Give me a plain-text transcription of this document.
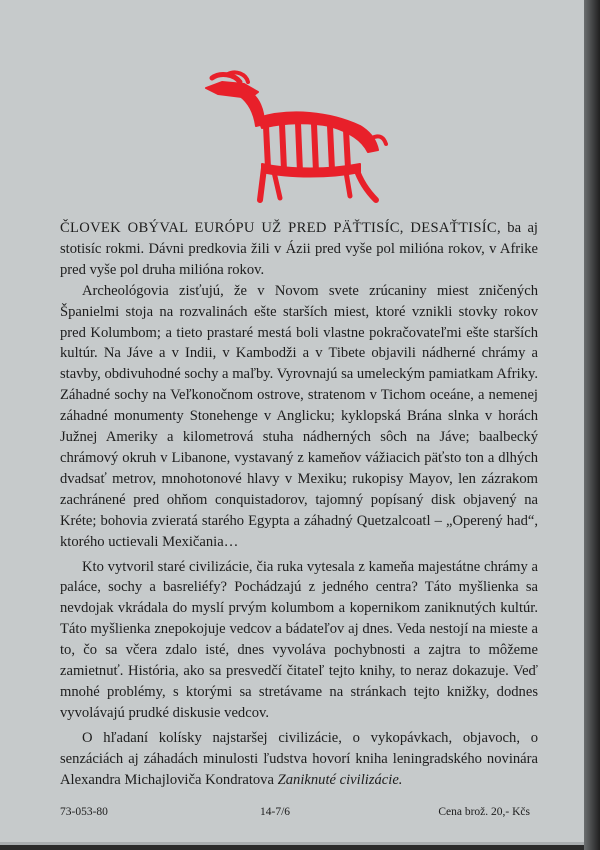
ČLOVEK OBÝVAL EURÓPU UŽ PRED PÄŤTISÍC, DESAŤTISÍC, ba aj stotisíc rokmi. Dávni predkovia žili v Ázii pred vyše pol milióna rokov, v Afrike pred vyše pol druha milióna rokov.

Archeológovia zisťujú, že v Novom svete zrúcaniny miest zničených Španielmi stoja na rozvalinách ešte starších miest, ktoré vznikli stovky rokov pred Kolumbom; a tieto prastaré mestá boli vlastne pokračovateľmi ešte starších kultúr. Na Jáve a v Indii, v Kambodži a v Tibete objavili nádherné chrámy a stavby, obdivuhodné sochy a maľby. Vyrovnajú sa umeleckým pamiatkam Afriky. Záhadné sochy na Veľkonočnom ostrove, stratenom v Tichom oceáne, a nemenej záhadné monumenty Stonehenge v Anglicku; kyklopská Brána slnka v horách Južnej Ameriky a kilometrová stuha nádherných sôch na Jáve; baalbecký chrámový okruh v Libanone, vystavaný z kameňov vážiacich päťsto ton a dlhých dvadsať metrov, mnohotonové hlavy v Mexiku; rukopisy Mayov, len zázrakom zachránené pred ohňom conquistadorov, tajomný popísaný disk objavený na Kréte; bohovia zvieratá starého Egypta a záhadný Quetzalcoatl – „Operený had“, ktorého uctievali Mexičania…

Kto vytvoril staré civilizácie, čia ruka vytesala z kameňa majestátne chrámy a paláce, sochy a basreliéfy? Pochádzajú z jedného centra? Táto myšlienka sa nevdojak vkrádala do myslí prvým kolumbom a kopernikom zaniknutých kultúr. Táto myšlienka znepokojuje vedcov a bádateľov aj dnes. Veda nestojí na mieste a to, čo sa včera zdalo isté, dnes vyvoláva pochybnosti a zajtra to môžeme zamietnuť. História, ako sa presvedčí čitateľ tejto knihy, to neraz dokazuje. Veď mnohé problémy, s ktorými sa stretávame na stránkach tejto knižky, dodnes vyvolávajú prudké diskusie vedcov.

O hľadaní kolísky najstaršej civilizácie, o vykopávkach, objavoch, o senzáciách aj záhadách minulosti ľudstva hovorí kniha leningradského novinára Alexandra Michajloviča Kondratova Zaniknuté civilizácie.

73-053-80	14-7/6	Cena brož. 20,- Kčs
